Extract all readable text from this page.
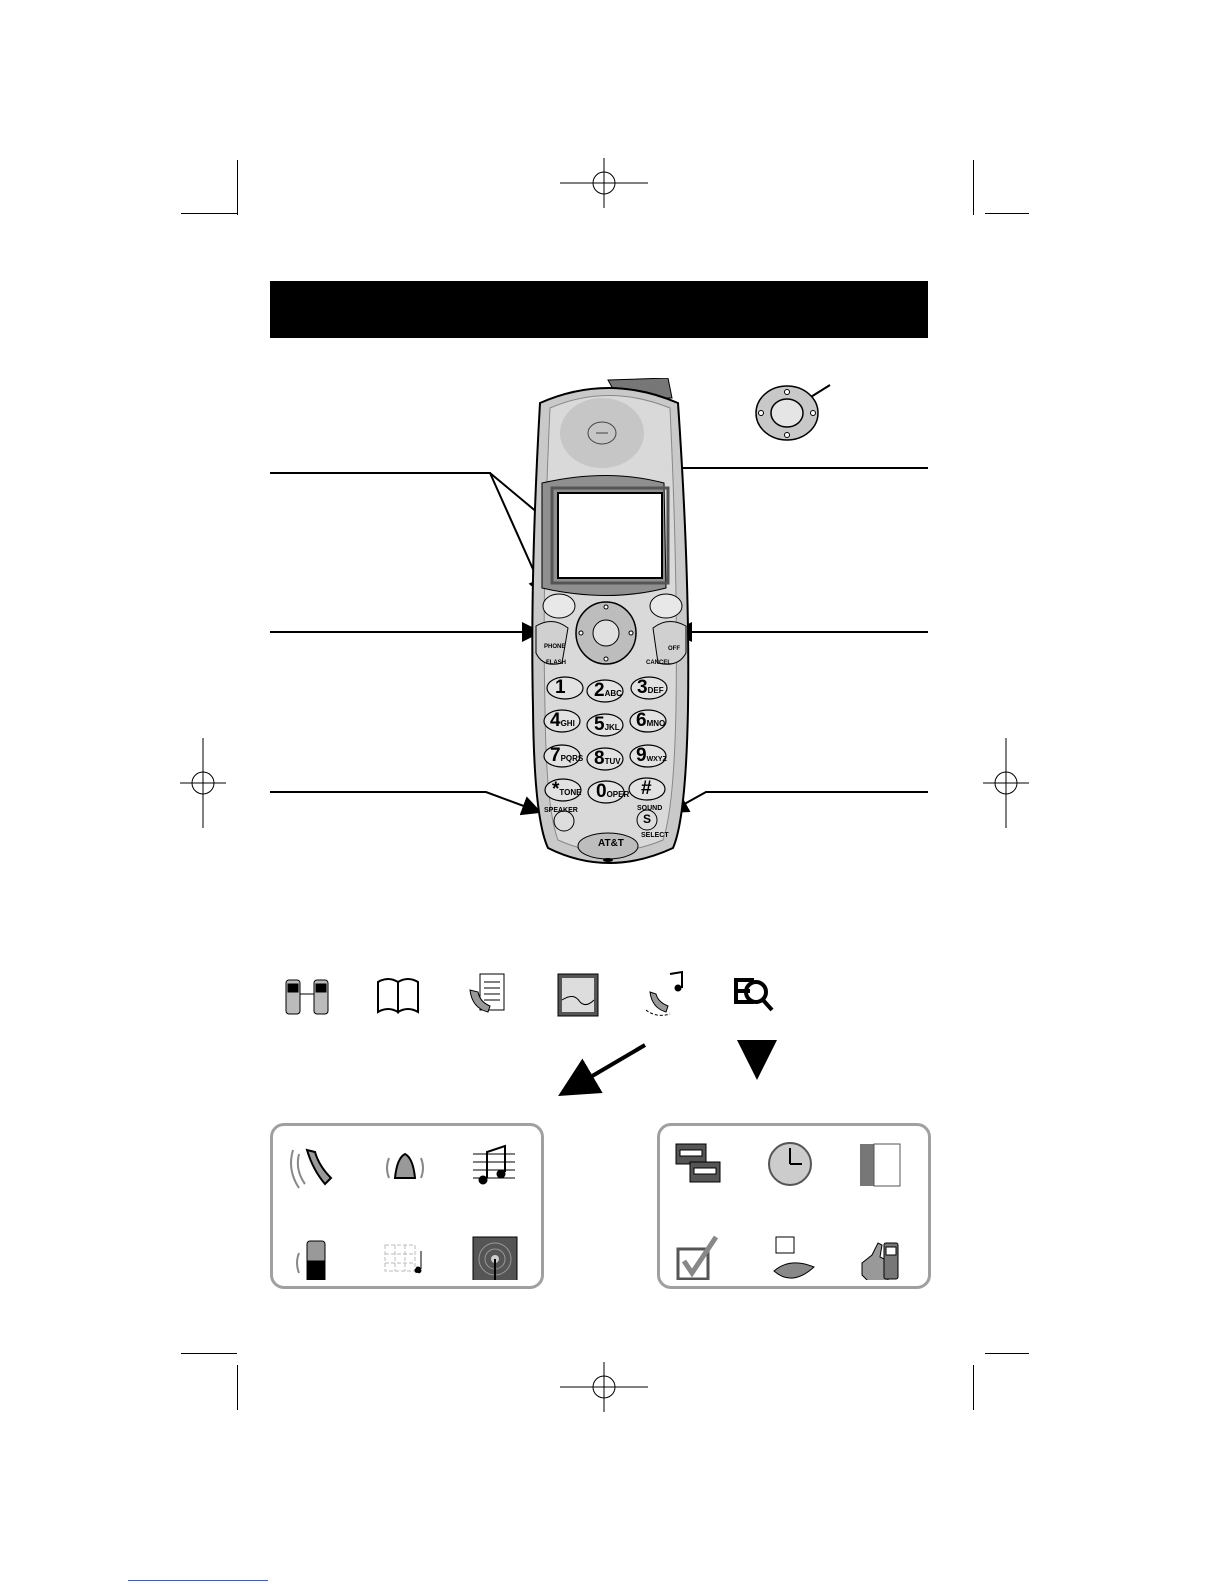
1 2ABC 3DEF
4GHI 5JKL 6MNO
7PQRS 8TUV 9WXYZ
*TONE 0OPER #
PHONE
FLASH
OFF
CANCEL
SPEAKER	SOUND
SELECT
S
AT&T
